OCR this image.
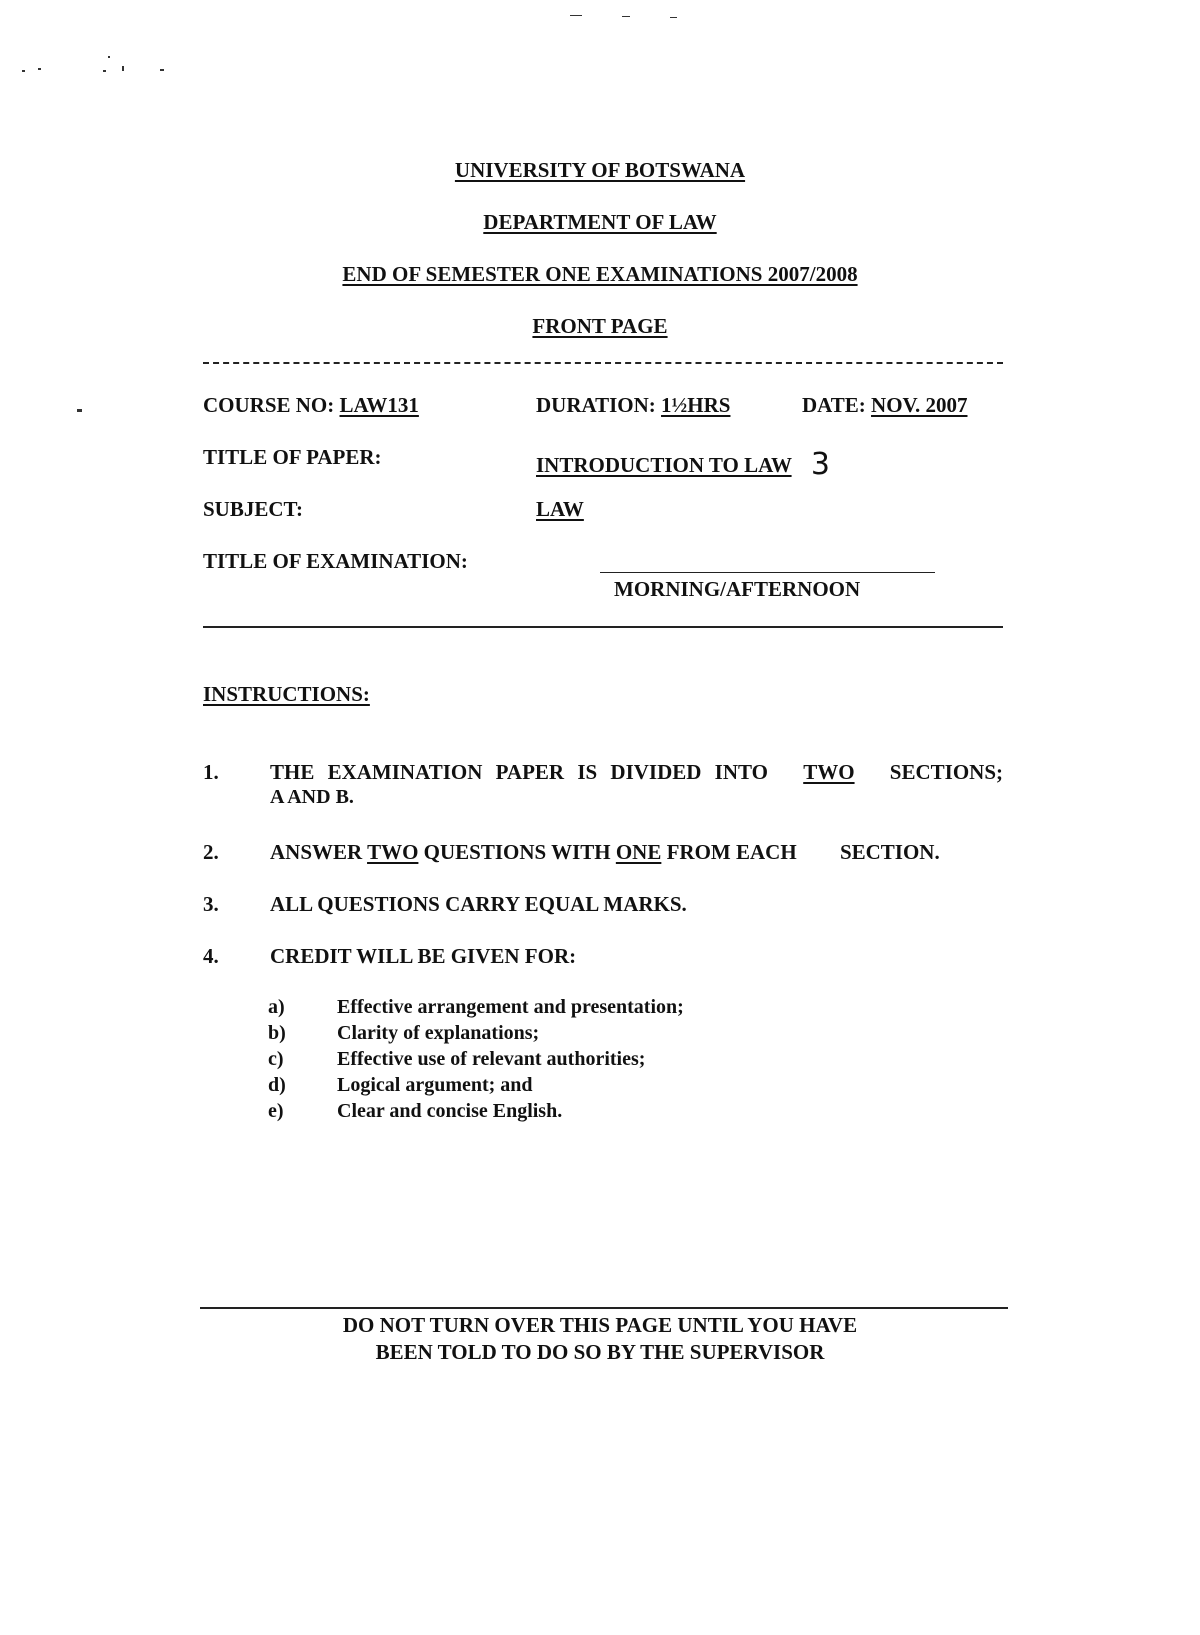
UNIVERSITY OF BOTSWANA
DEPARTMENT OF LAW
END OF SEMESTER ONE EXAMINATIONS 2007/2008
FRONT PAGE
COURSE NO: LAW131	DURATION: 1½HRS	DATE: NOV. 2007
TITLE OF PAPER:	INTRODUCTION TO LAW 3
SUBJECT:	LAW
TITLE OF EXAMINATION:
MORNING/AFTERNOON
INSTRUCTIONS:
1. THE EXAMINATION PAPER IS DIVIDED INTO TWO SECTIONS;
A AND B.
2. ANSWER TWO QUESTIONS WITH ONE FROM EACH SECTION.
3. ALL QUESTIONS CARRY EQUAL MARKS.
4. CREDIT WILL BE GIVEN FOR:
a)	Effective arrangement and presentation;
b)	Clarity of explanations;
c)	Effective use of relevant authorities;
d)	Logical argument; and
e)	Clear and concise English.
DO NOT TURN OVER THIS PAGE UNTIL YOU HAVE
BEEN TOLD TO DO SO BY THE SUPERVISOR
